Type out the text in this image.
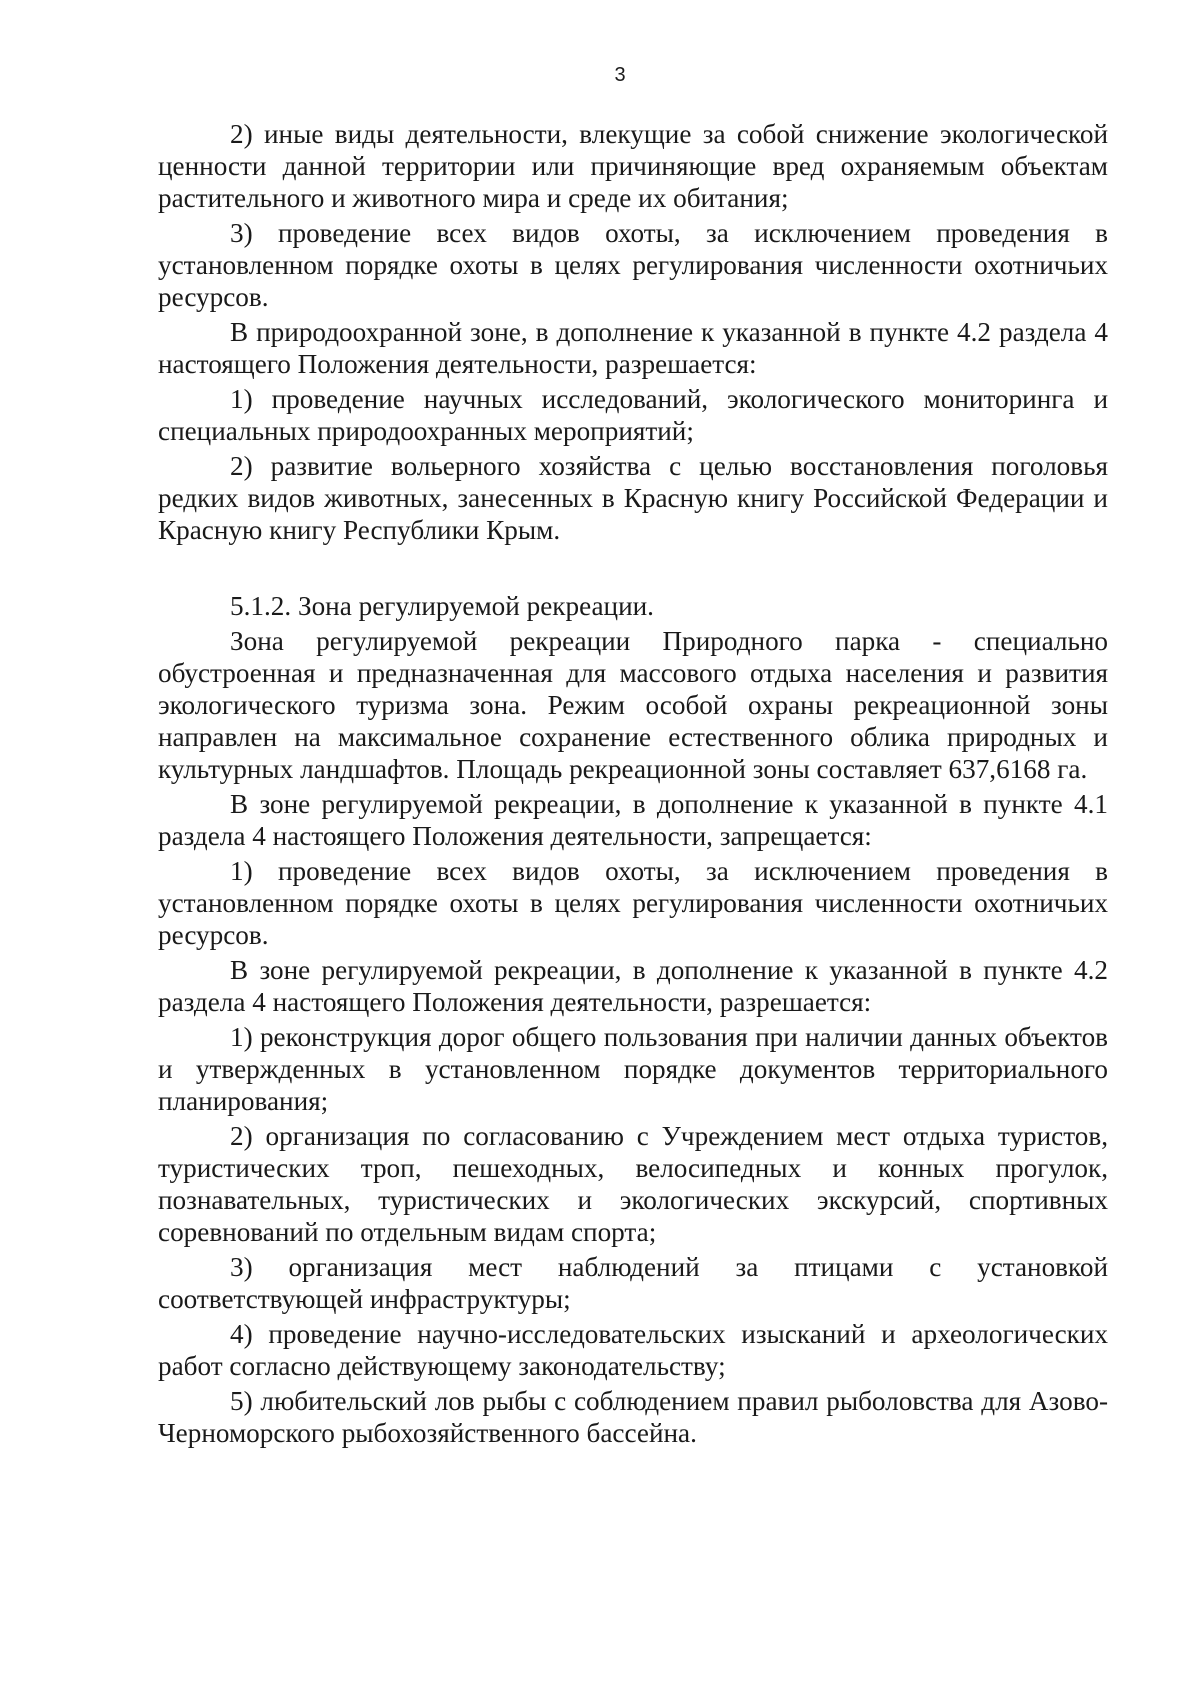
3

2) иные виды деятельности, влекущие за собой снижение экологической ценности данной территории или причиняющие вред охраняемым объектам растительного и животного мира и среде их обитания;

3) проведение всех видов охоты, за исключением проведения в установленном порядке охоты в целях регулирования численности охотничьих ресурсов.

В природоохранной зоне, в дополнение к указанной в пункте 4.2 раздела 4 настоящего Положения деятельности, разрешается:

1) проведение научных исследований, экологического мониторинга и специальных природоохранных мероприятий;

2) развитие вольерного хозяйства с целью восстановления поголовья редких видов животных, занесенных в Красную книгу Российской Федерации и Красную книгу Республики Крым.

5.1.2. Зона регулируемой рекреации.

Зона регулируемой рекреации Природного парка - специально обустроенная и предназначенная для массового отдыха населения и развития экологического туризма зона. Режим особой охраны рекреационной зоны направлен на максимальное сохранение естественного облика природных и культурных ландшафтов. Площадь рекреационной зоны составляет 637,6168 га.

В зоне регулируемой рекреации, в дополнение к указанной в пункте 4.1 раздела 4 настоящего Положения деятельности, запрещается:

1) проведение всех видов охоты, за исключением проведения в установленном порядке охоты в целях регулирования численности охотничьих ресурсов.

В зоне регулируемой рекреации, в дополнение к указанной в пункте 4.2 раздела 4 настоящего Положения деятельности, разрешается:

1) реконструкция дорог общего пользования при наличии данных объектов и утвержденных в установленном порядке документов территориального планирования;

2) организация по согласованию с Учреждением мест отдыха туристов, туристических троп, пешеходных, велосипедных и конных прогулок, познавательных, туристических и экологических экскурсий, спортивных соревнований по отдельным видам спорта;

3) организация мест наблюдений за птицами с установкой соответствующей инфраструктуры;

4) проведение научно-исследовательских изысканий и археологических работ согласно действующему законодательству;

5) любительский лов рыбы с соблюдением правил рыболовства для Азово-Черноморского рыбохозяйственного бассейна.
